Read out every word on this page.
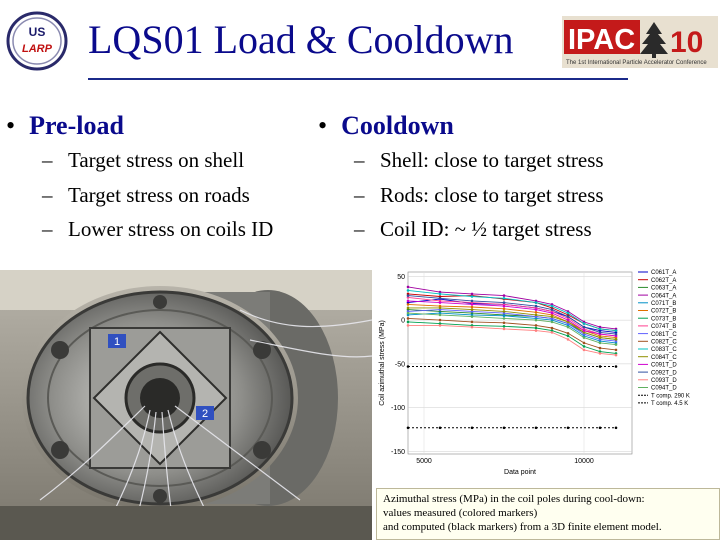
US
LARP
US LARP
LQS01 Load & Cooldown IPAC 10
The 1st International Particle Accelerator Conference
• Pre-load
– Target stress on shell
– Target stress on roads
– Lower stress on coils ID
• Cooldown
– Shell: close to target stress
– Rods: close to target stress
– Coil ID: ~ ½ target stress
1
2
50
0
-50
-100
-150
5000	10000
C061T_A
C062T_A
C063T_A
C064T_A
C071T_B
C072T_B
C073T_B
C074T_B
C081T_C
C082T_C
C083T_C
C084T_C
C091T_D
C092T_D
C093T_D
C094T_D
T comp. 290 K
T comp. 4.5 K
Coil azimuthal stress (MPa)
Data point
Azimuthal stress (MPa) in the coil poles during cool-down:
values measured (colored markers)
and computed (black markers) from a 3D finite element model.
